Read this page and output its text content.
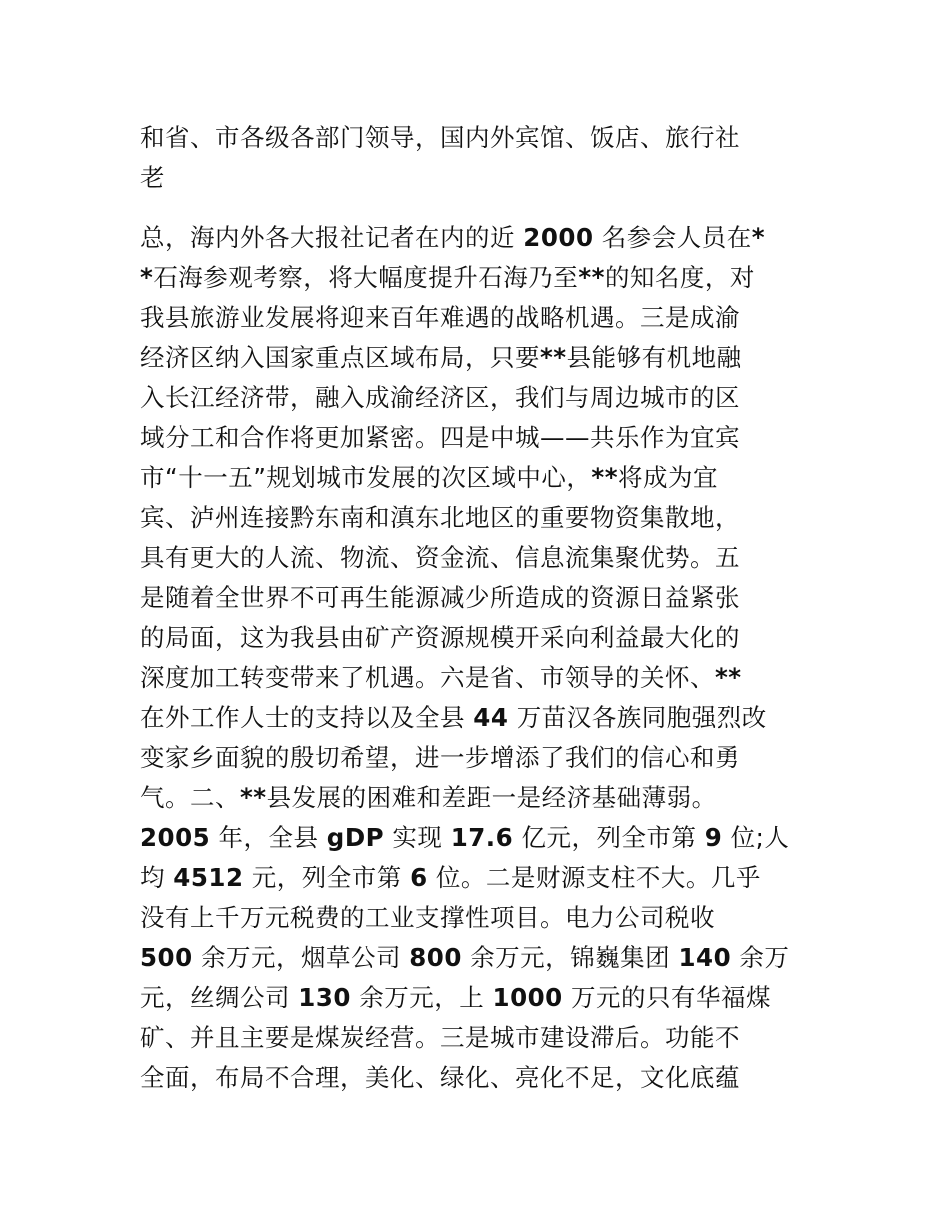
和省、市各级各部门领导，国内外宾馆、饭店、旅行社

老

总，海内外各大报社记者在内的近 2000 名参会人员在*

*石海参观考察，将大幅度提升石海乃至**的知名度，对

我县旅游业发展将迎来百年难遇的战略机遇。三是成渝

经济区纳入国家重点区域布局，只要**县能够有机地融

入长江经济带，融入成渝经济区，我们与周边城市的区

域分工和合作将更加紧密。四是中城——共乐作为宜宾

市“十一五”规划城市发展的次区域中心，**将成为宜

宾、泸州连接黔东南和滇东北地区的重要物资集散地，

具有更大的人流、物流、资金流、信息流集聚优势。五

是随着全世界不可再生能源减少所造成的资源日益紧张

的局面，这为我县由矿产资源规模开采向利益最大化的

深度加工转变带来了机遇。六是省、市领导的关怀、**

在外工作人士的支持以及全县 44 万苗汉各族同胞强烈改

变家乡面貌的殷切希望，进一步增添了我们的信心和勇

气。二、**县发展的困难和差距一是经济基础薄弱。

2005 年，全县 gDP 实现 17.6 亿元，列全市第 9 位;人

均 4512 元，列全市第 6 位。二是财源支柱不大。几乎

没有上千万元税费的工业支撑性项目。电力公司税收

500 余万元，烟草公司 800 余万元，锦巍集团 140 余万

元，丝绸公司 130 余万元，上 1000 万元的只有华福煤

矿、并且主要是煤炭经营。三是城市建设滞后。功能不

全面，布局不合理，美化、绿化、亮化不足，文化底蕴
